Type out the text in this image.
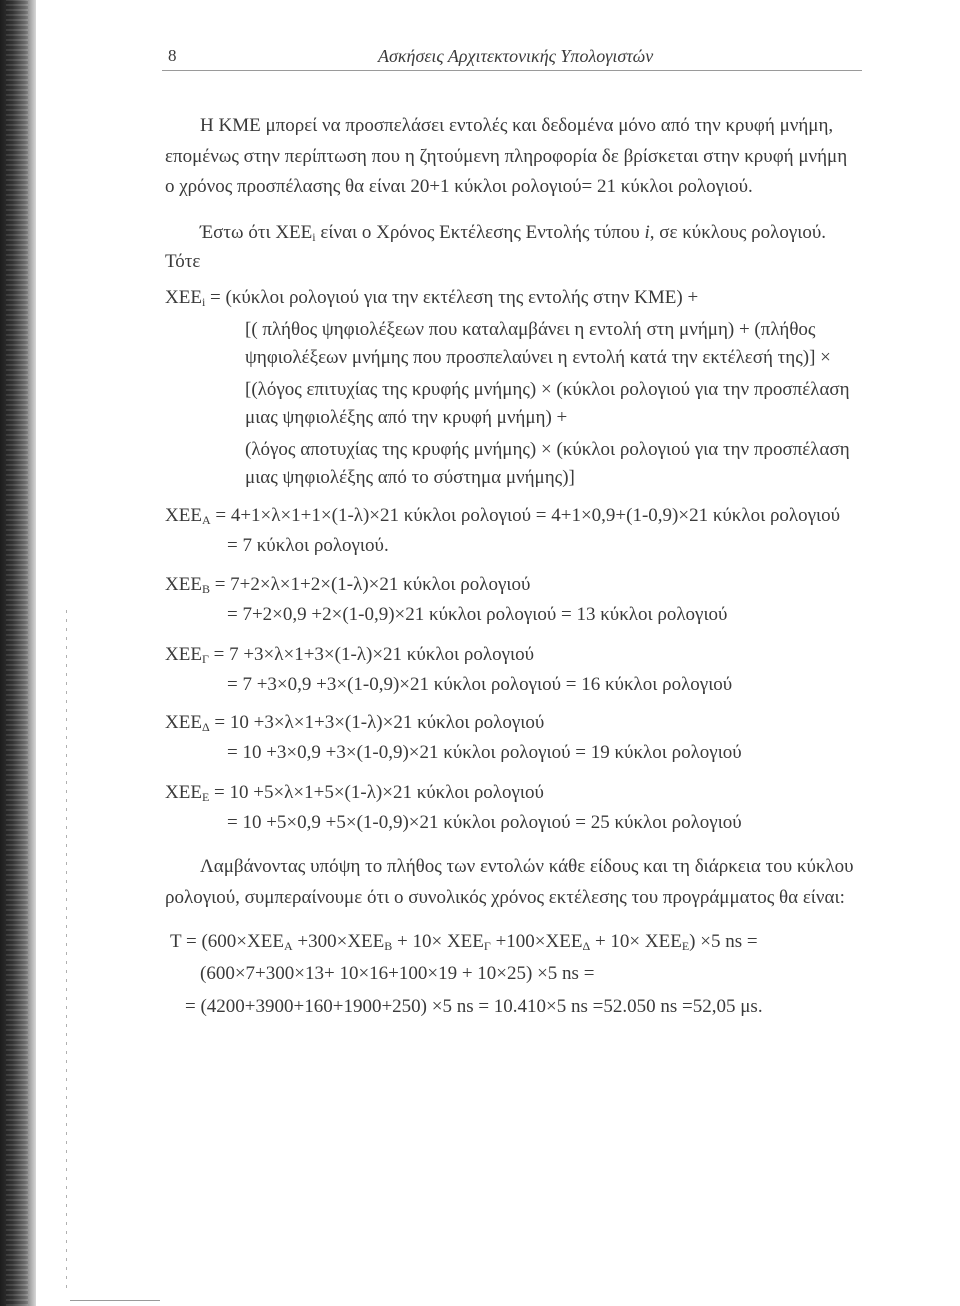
8	Ασκήσεις Αρχιτεκτονικής Υπολογιστών
Η ΚΜΕ μπορεί να προσπελάσει εντολές και δεδομένα μόνο από την κρυφή μνήμη,
επομένως στην περίπτωση που η ζητούμενη πληροφορία δε βρίσκεται στην κρυφή μνήμη
ο χρόνος προσπέλασης θα είναι 20+1 κύκλοι ρολογιού= 21 κύκλοι ρολογιού.
Έστω ότι $XEE_i$ είναι ο Χρόνος Εκτέλεσης Εντολής τύπου i, σε κύκλους ρολογιού.
Τότε
$XEE_i = (\kappa ύ\kappa\lambda o\iota$ ρολογιού για την εκτέλεση της εντολής στην ΚΜΕ) +
[( πλήθος ψηφιολέξεων που καταλαμβάνει η εντολή στη μνήμη) + (πλήθος
ψηφιολέξεων μνήμης που προσπελαύνει η εντολή κατά την εκτέλεσή της)] ×
[(λόγος επιτυχίας της κρυφής μνήμης) × (κύκλοι ρολογιού για την προσπέλαση
μιας ψηφιολέξης από την κρυφή μνήμη) +
(λόγος αποτυχίας της κρυφής μνήμης) × (κύκλοι ρολογιού για την προσπέλαση
μιας ψηφιολέξης από το σύστημα μνήμης)]
$XEE_A = 4+1\times\lambda\times 1+1\times(1-\lambda)\times 21$ κύκλοι ρολογιού = 4+1×0,9+(1-0,9)×21 κύκλοι ρολογιού
= 7 κύκλοι ρολογιού.
$XEE_B = 7+2\times\lambda\times 1+2\times(1-\lambda)\times 21$ κύκλοι ρολογιού
= 7+2×0,9 +2×(1-0,9)×21 κύκλοι ρολογιού = 13 κύκλοι ρολογιού
$XEE_\Gamma = 7 +3\times\lambda\times 1+3\times(1-\lambda)\times 21$ κύκλοι ρολογιού
= 7 +3×0,9 +3×(1-0,9)×21 κύκλοι ρολογιού = 16 κύκλοι ρολογιού
$XEE_\Delta = 10 +3\times\lambda\times 1+3\times(1-\lambda)\times 21$ κύκλοι ρολογιού
= 10 +3×0,9 +3×(1-0,9)×21 κύκλοι ρολογιού = 19 κύκλοι ρολογιού
$XEE_E = 10 +5\times\lambda\times 1+5\times(1-\lambda)\times 21$ κύκλοι ρολογιού
= 10 +5×0,9 +5×(1-0,9)×21 κύκλοι ρολογιού = 25 κύκλοι ρολογιού
Λαμβάνοντας υπόψη το πλήθος των εντολών κάθε είδους και τη διάρκεια του κύκλου
ρολογιού, συμπεραίνουμε ότι ο συνολικός χρόνος εκτέλεσης του προγράμματος θα είναι:
$T = (600\times XEE_A +300\times XEE_B + 10\times XEE_\Gamma +100\times XEE_\Delta + 10\times XEE_E) \times 5$ ns =
(600×7+300×13+ 10×16+100×19 + 10×25) ×5 ns =
= (4200+3900+160+1900+250) ×5 ns = 10.410×5 ns =52.050 ns =52,05 μs.
